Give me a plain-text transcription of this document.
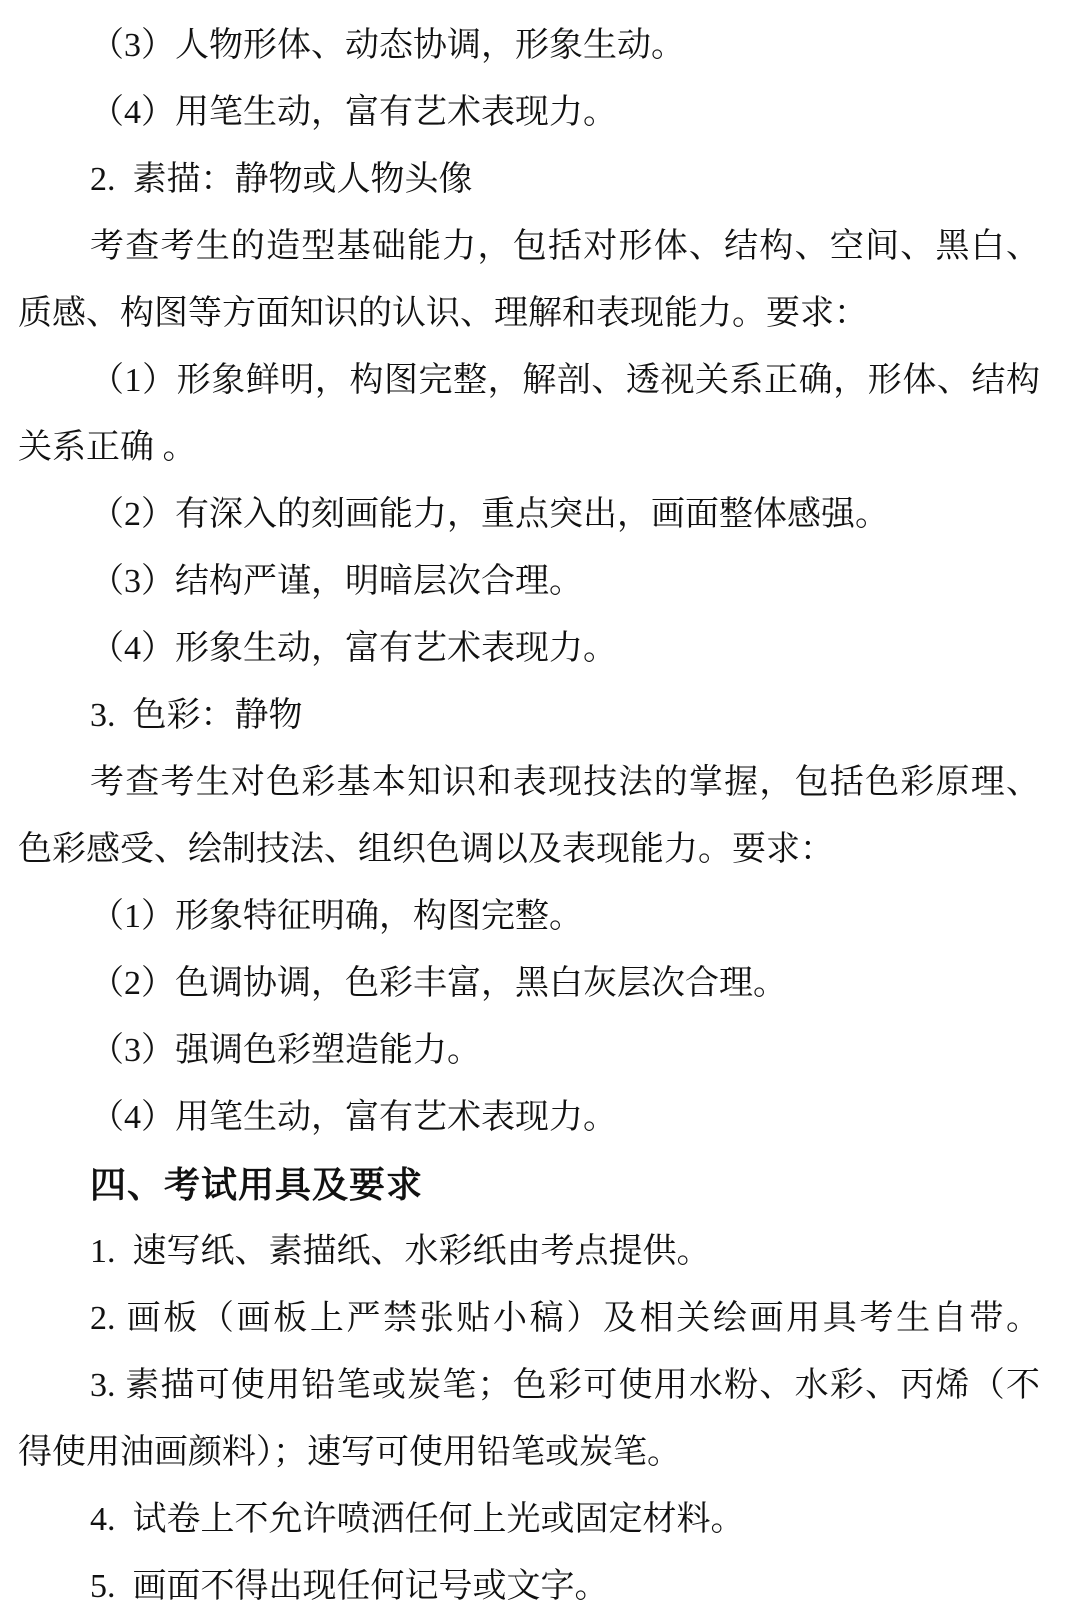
（3）人物形体、动态协调，形象生动。
（4）用笔生动，富有艺术表现力。
2.  素描：静物或人物头像
考查考生的造型基础能力，包括对形体、结构、空间、黑白、
质感、构图等方面知识的认识、理解和表现能力。要求：
（1）形象鲜明，构图完整，解剖、透视关系正确，形体、结构
关系正确 。
（2）有深入的刻画能力，重点突出，画面整体感强。
（3）结构严谨，明暗层次合理。
（4）形象生动，富有艺术表现力。
3.  色彩：静物
考查考生对色彩基本知识和表现技法的掌握，包括色彩原理、
色彩感受、绘制技法、组织色调以及表现能力。要求：
（1）形象特征明确，构图完整。
（2）色调协调，色彩丰富，黑白灰层次合理。
（3）强调色彩塑造能力。
（4）用笔生动，富有艺术表现力。
四、考试用具及要求
1.  速写纸、素描纸、水彩纸由考点提供。
2. 画板（画板上严禁张贴小稿）及相关绘画用具考生自带。
3. 素描可使用铅笔或炭笔；色彩可使用水粉、水彩、丙烯（不
得使用油画颜料）；速写可使用铅笔或炭笔。
4.  试卷上不允许喷洒任何上光或固定材料。
5.  画面不得出现任何记号或文字。
